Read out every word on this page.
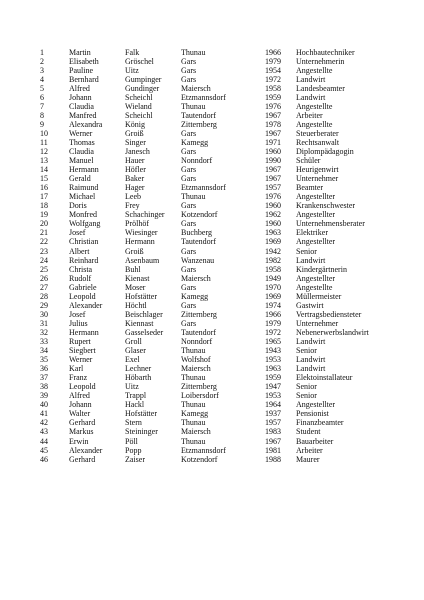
1	Martin	Falk	Thunau	1966	Hochbautechniker
2	Elisabeth	Gröschel	Gars	1979	Unternehmerin
3	Pauline	Uitz	Gars	1954	Angestellte
4	Bernhard	Gumpinger	Gars	1972	Landwirt
5	Alfred	Gundinger	Maiersch	1958	Landesbeamter
6	Johann	Scheichl	Etzmannsdorf	1959	Landwirt
7	Claudia	Wieland	Thunau	1976	Angestellte
8	Manfred	Scheichl	Tautendorf	1967	Arbeiter
9	Alexandra	König	Zitternberg	1978	Angestellte
10	Werner	Groiß	Gars	1967	Steuerberater
11	Thomas	Singer	Kamegg	1971	Rechtsanwalt
12	Claudia	Janesch	Gars	1960	Diplompädagogin
13	Manuel	Hauer	Nonndorf	1990	Schüler
14	Hermann	Höfler	Gars	1967	Heurigenwirt
15	Gerald	Baker	Gars	1967	Unternehmer
16	Raimund	Hager	Etzmannsdorf	1957	Beamter
17	Michael	Leeb	Thunau	1976	Angestellter
18	Doris	Frey	Gars	1960	Krankenschwester
19	Monfred	Schachinger	Kotzendorf	1962	Angestellter
20	Wolfgang	Prölhöf	Gars	1960	Unternehmensberater
21	Josef	Wiesinger	Buchberg	1963	Elektriker
22	Christian	Hermann	Tautendorf	1969	Angestellter
23	Albert	Groiß	Gars	1942	Senior
24	Reinhard	Asenbaum	Wanzenau	1982	Landwirt
25	Christa	Buhl	Gars	1958	Kindergärtnerin
26	Rudolf	Kienast	Maiersch	1949	Angestellter
27	Gabriele	Moser	Gars	1970	Angestellte
28	Leopold	Hofstätter	Kamegg	1969	Müllermeister
29	Alexander	Höchtl	Gars	1974	Gastwirt
30	Josef	Beischlager	Zitternberg	1966	Vertragsbediensteter
31	Julius	Kiennast	Gars	1979	Unternehmer
32	Hermann	Gasselseder	Tautendorf	1972	Nebenerwerbslandwirt
33	Rupert	Groll	Nonndorf	1965	Landwirt
34	Siegbert	Glaser	Thunau	1943	Senior
35	Werner	Exel	Wolfshof	1953	Landwirt
36	Karl	Lechner	Maiersch	1963	Landwirt
37	Franz	Höbarth	Thunau	1959	Elektoinstallateur
38	Leopold	Uitz	Zitternberg	1947	Senior
39	Alfred	Trappl	Loibersdorf	1953	Senior
40	Johann	Hackl	Thunau	1964	Angestellter
41	Walter	Hofstätter	Kamegg	1937	Pensionist
42	Gerhard	Stern	Thunau	1957	Finanzbeamter
43	Markus	Steininger	Maiersch	1983	Student
44	Erwin	Pöll	Thunau	1967	Bauarbeiter
45	Alexander	Popp	Etzmannsdorf	1981	Arbeiter
46	Gerhard	Zaiser	Kotzendorf	1988	Maurer
